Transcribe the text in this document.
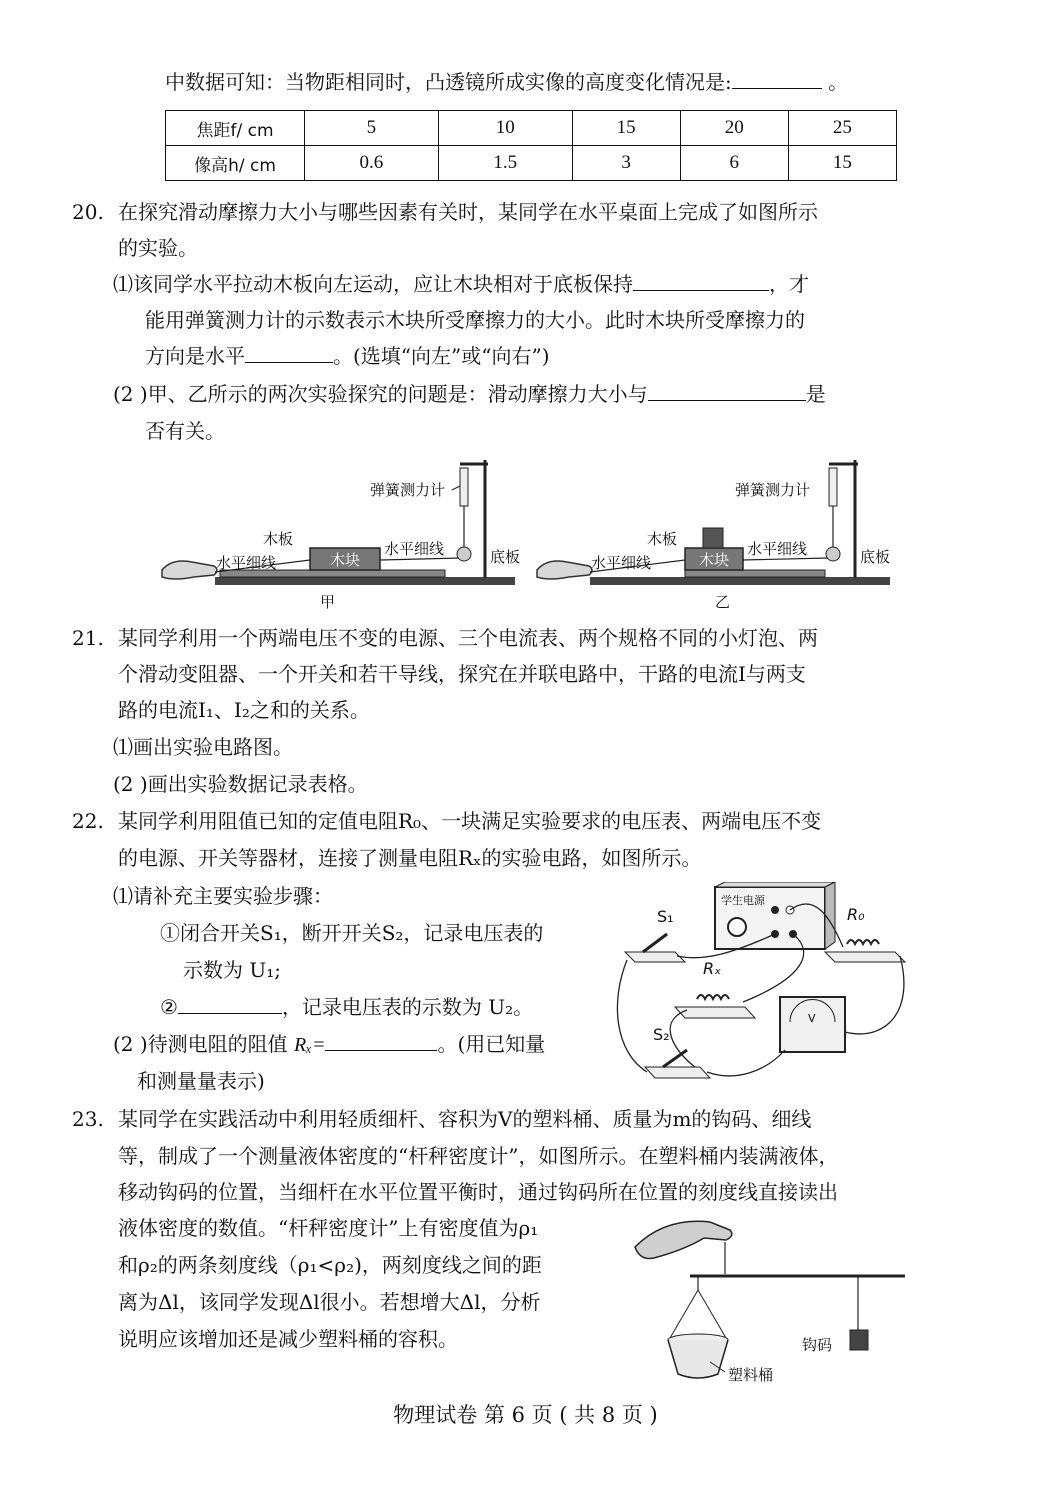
中数据可知：当物距相同时，凸透镜所成实像的高度变化情况是:	。
焦距f/ cm	5	10	15	20	25
像高h/ cm	0.6	1.5	3	6	15
20. 在探究滑动摩擦力大小与哪些因素有关时，某同学在水平桌面上完成了如图所示
的实验。
⑴该同学水平拉动木板向左运动，应让木块相对于底板保持	，才
能用弹簧测力计的示数表示木块所受摩擦力的大小。此时木块所受摩擦力的
方向是水平	。(选填“向左”或“向右”)
(2 )甲、乙所示的两次实验探究的问题是：滑动摩擦力大小与	是
否有关。
木块
弹簧测力计
木板
水平细线
水平细线	底板
甲
木块
弹簧测力计
木板
水平细线
水平细线	底板
乙
21. 某同学利用一个两端电压不变的电源、三个电流表、两个规格不同的小灯泡、两
个滑动变阻器、一个开关和若干导线，探究在并联电路中，干路的电流I与两支
路的电流I₁、I₂之和的关系。
⑴画出实验电路图。
(2 )画出实验数据记录表格。
22. 某同学利用阻值已知的定值电阻R₀、一块满足实验要求的电压表、两端电压不变
的电源、开关等器材，连接了测量电阻Rₓ的实验电路，如图所示。
⑴请补充主要实验步骤：
①闭合开关S₁，断开开关S₂，记录电压表的
示数为 U₁;
②	，记录电压表的示数为 U₂。
(2 )待测电阻的阻值 Rₓ=	。(用已知量
和测量量表示)
学生电源
S₁	R₀
Rₓ
V
S₂
23. 某同学在实践活动中利用轻质细杆、容积为V的塑料桶、质量为m的钩码、细线
等，制成了一个测量液体密度的“杆秤密度计”，如图所示。在塑料桶内装满液体，
移动钩码的位置，当细杆在水平位置平衡时，通过钩码所在位置的刻度线直接读出
液体密度的数值。“杆秤密度计”上有密度值为ρ₁
和ρ₂的两条刻度线（ρ₁<ρ₂)，两刻度线之间的距
离为Δl，该同学发现Δl很小。若想增大Δl，分析
说明应该增加还是减少塑料桶的容积。	钩码
塑料桶
物理试卷 第 6 页 ( 共 8 页 )
